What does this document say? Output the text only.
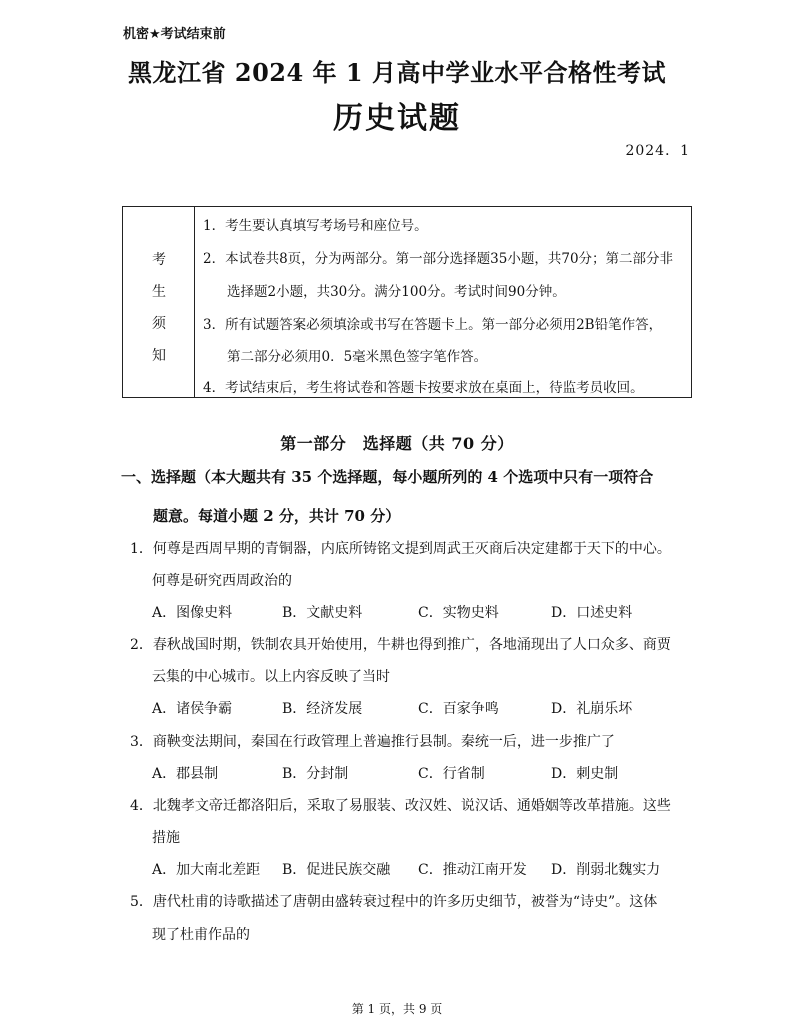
机密★考试结束前
黑龙江省 2024 年 1 月高中学业水平合格性考试
历史试题
2024．1
考
生
须
知
1．考生要认真填写考场号和座位号。
2．本试卷共8页，分为两部分。第一部分选择题35小题，共70分；第二部分非
选择题2小题，共30分。满分100分。考试时间90分钟。
3．所有试题答案必须填涂或书写在答题卡上。第一部分必须用2B铅笔作答，
第二部分必须用0．5毫米黑色签字笔作答。
4．考试结束后，考生将试卷和答题卡按要求放在桌面上，待监考员收回。
第一部分　选择题（共 70 分）
一、选择题（本大题共有 35 个选择题，每小题所列的 4 个选项中只有一项符合
题意。每道小题 2 分，共计 70 分）
1．何尊是西周早期的青铜器，内底所铸铭文提到周武王灭商后决定建都于天下的中心。
何尊是研究西周政治的
A．图像史料	B．文献史料	C．实物史料	D．口述史料
2．春秋战国时期，铁制农具开始使用，牛耕也得到推广，各地涌现出了人口众多、商贾
云集的中心城市。以上内容反映了当时
A．诸侯争霸	B．经济发展	C．百家争鸣	D．礼崩乐坏
3．商鞅变法期间，秦国在行政管理上普遍推行县制。秦统一后，进一步推广了
A．郡县制	B．分封制	C．行省制	D．刺史制
4．北魏孝文帝迁都洛阳后，采取了易服装、改汉姓、说汉话、通婚姻等改革措施。这些
措施
A．加大南北差距 B．促进民族交融 C．推动江南开发 D．削弱北魏实力
5．唐代杜甫的诗歌描述了唐朝由盛转衰过程中的许多历史细节，被誉为“诗史”。这体
现了杜甫作品的
第 1 页，共 9 页
